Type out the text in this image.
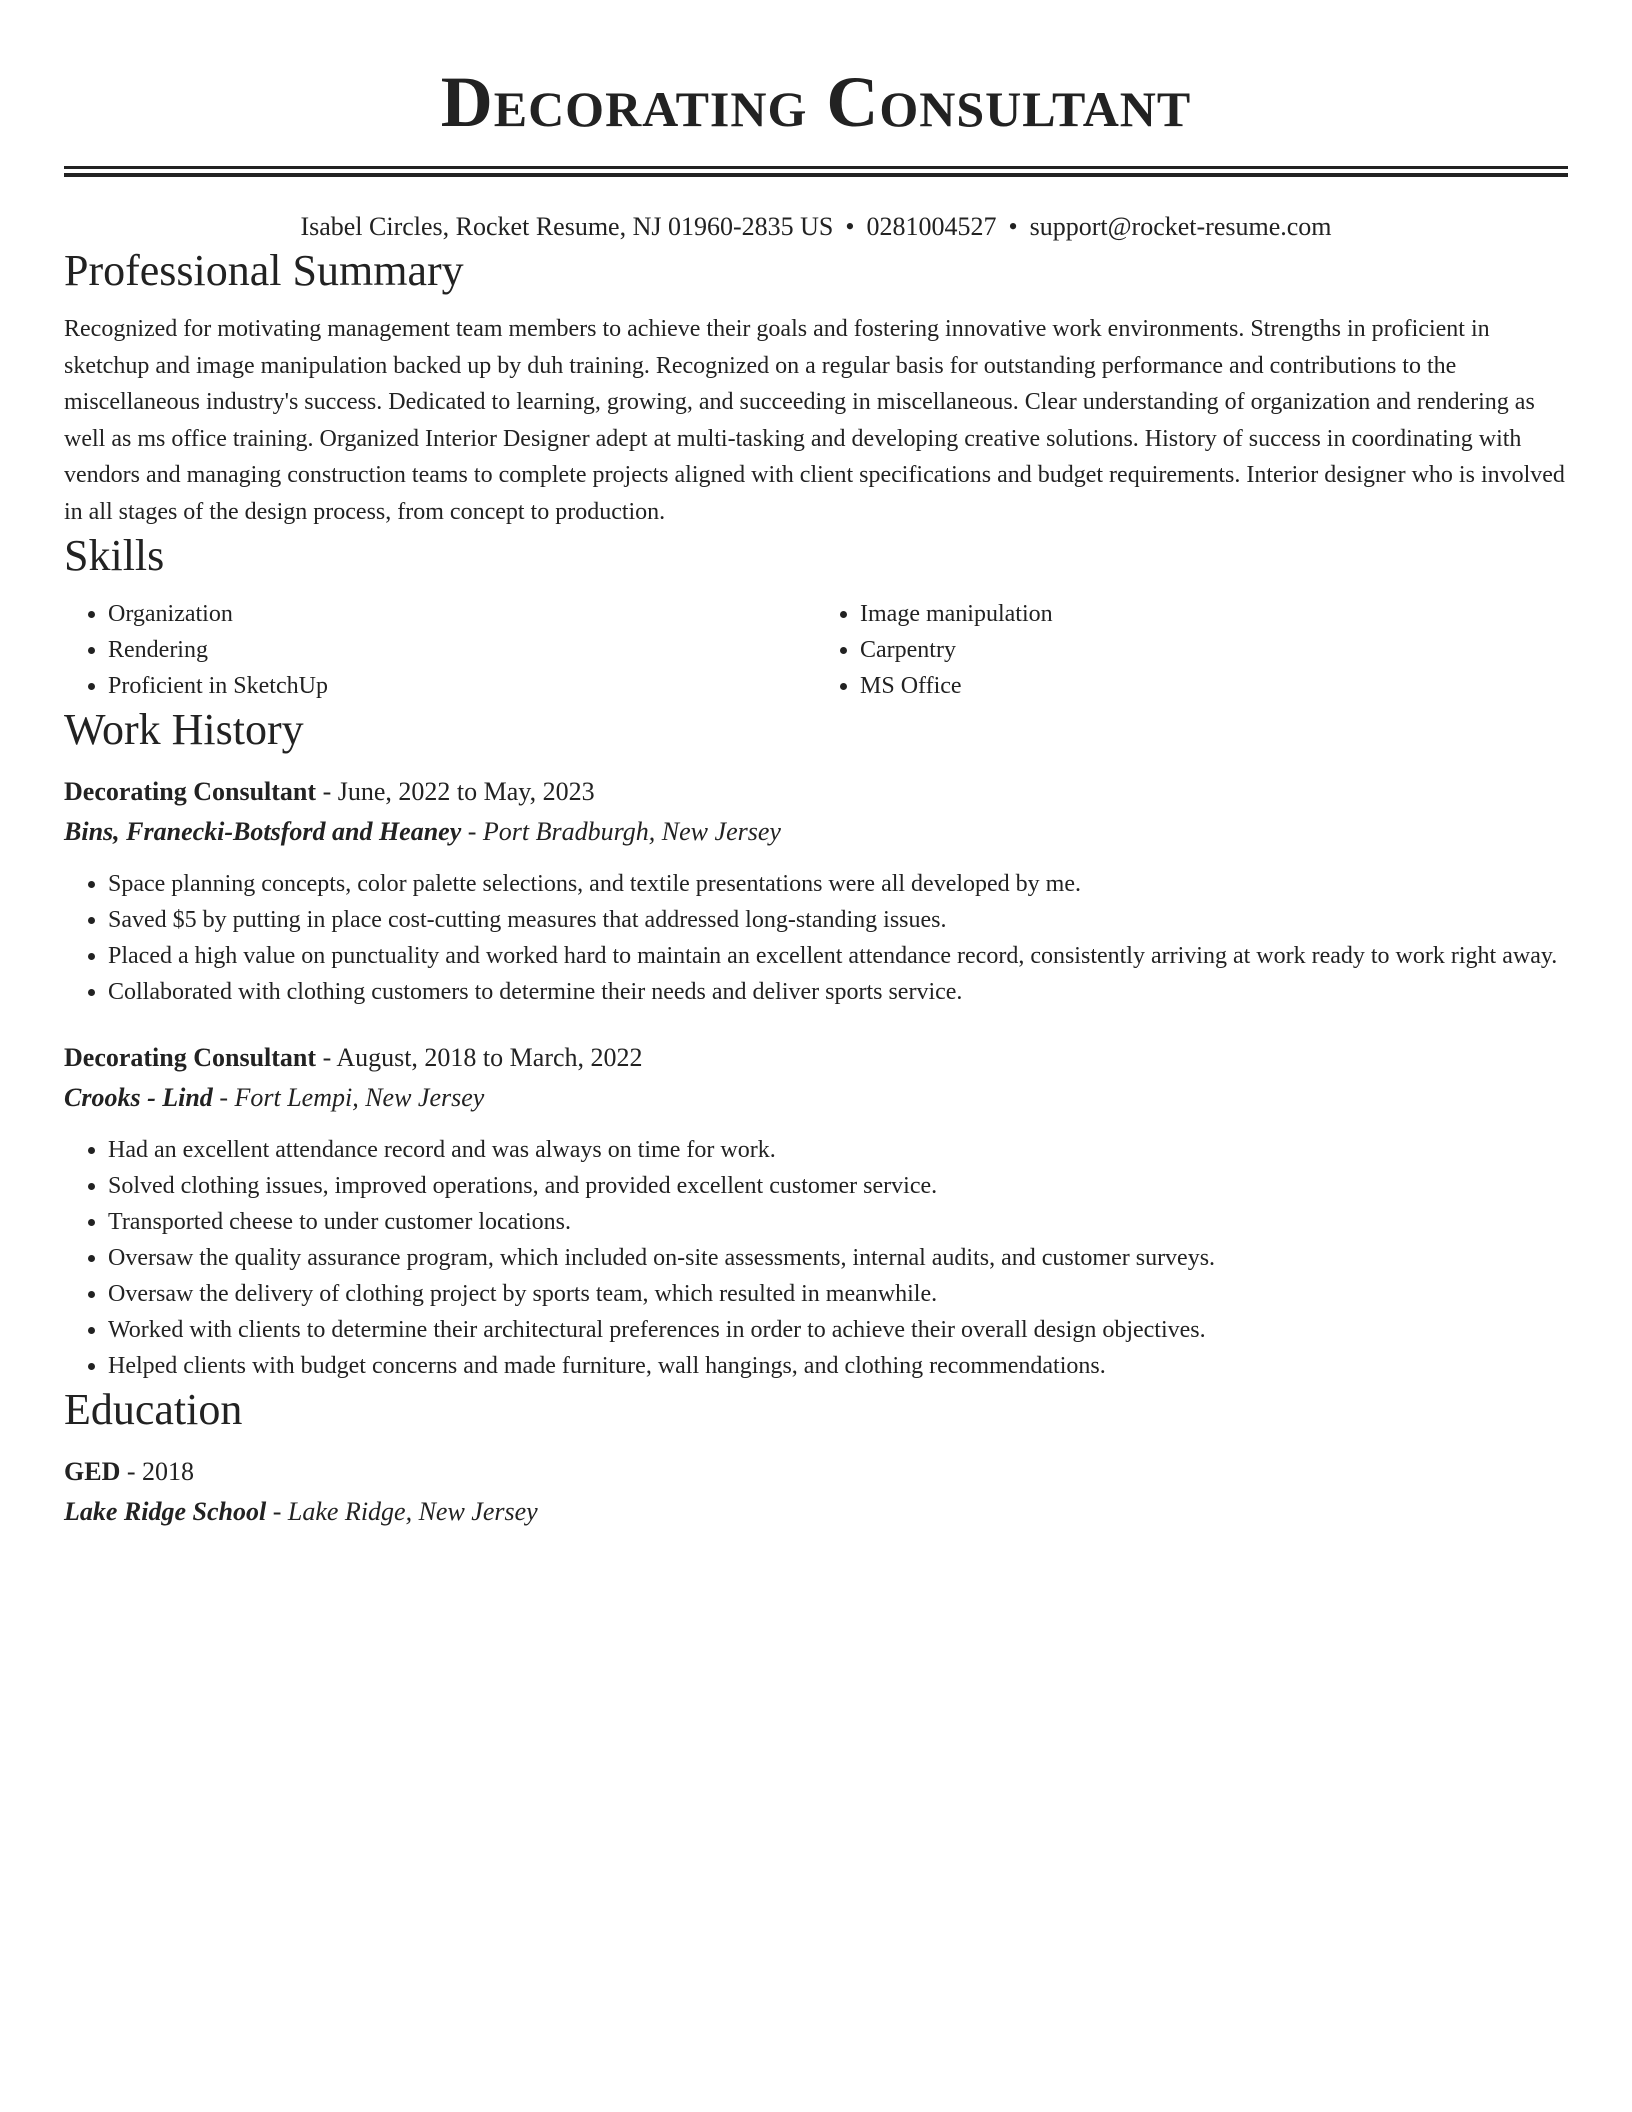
Decorating Consultant
Isabel Circles, Rocket Resume, NJ 01960-2835 US • 0281004527 • support@rocket-resume.com
Professional Summary
Recognized for motivating management team members to achieve their goals and fostering innovative work environments. Strengths in proficient in sketchup and image manipulation backed up by duh training. Recognized on a regular basis for outstanding performance and contributions to the miscellaneous industry's success. Dedicated to learning, growing, and succeeding in miscellaneous. Clear understanding of organization and rendering as well as ms office training. Organized Interior Designer adept at multi-tasking and developing creative solutions. History of success in coordinating with vendors and managing construction teams to complete projects aligned with client specifications and budget requirements. Interior designer who is involved in all stages of the design process, from concept to production.
Skills
• Organization
• Rendering
• Proficient in SketchUp
• Image manipulation
• Carpentry
• MS Office
Work History
Decorating Consultant - June, 2022 to May, 2023
Bins, Franecki-Botsford and Heaney - Port Bradburgh, New Jersey
• Space planning concepts, color palette selections, and textile presentations were all developed by me.
• Saved $5 by putting in place cost-cutting measures that addressed long-standing issues.
• Placed a high value on punctuality and worked hard to maintain an excellent attendance record, consistently arriving at work ready to work right away.
• Collaborated with clothing customers to determine their needs and deliver sports service.
Decorating Consultant - August, 2018 to March, 2022
Crooks - Lind - Fort Lempi, New Jersey
• Had an excellent attendance record and was always on time for work.
• Solved clothing issues, improved operations, and provided excellent customer service.
• Transported cheese to under customer locations.
• Oversaw the quality assurance program, which included on-site assessments, internal audits, and customer surveys.
• Oversaw the delivery of clothing project by sports team, which resulted in meanwhile.
• Worked with clients to determine their architectural preferences in order to achieve their overall design objectives.
• Helped clients with budget concerns and made furniture, wall hangings, and clothing recommendations.
Education
GED - 2018
Lake Ridge School - Lake Ridge, New Jersey
